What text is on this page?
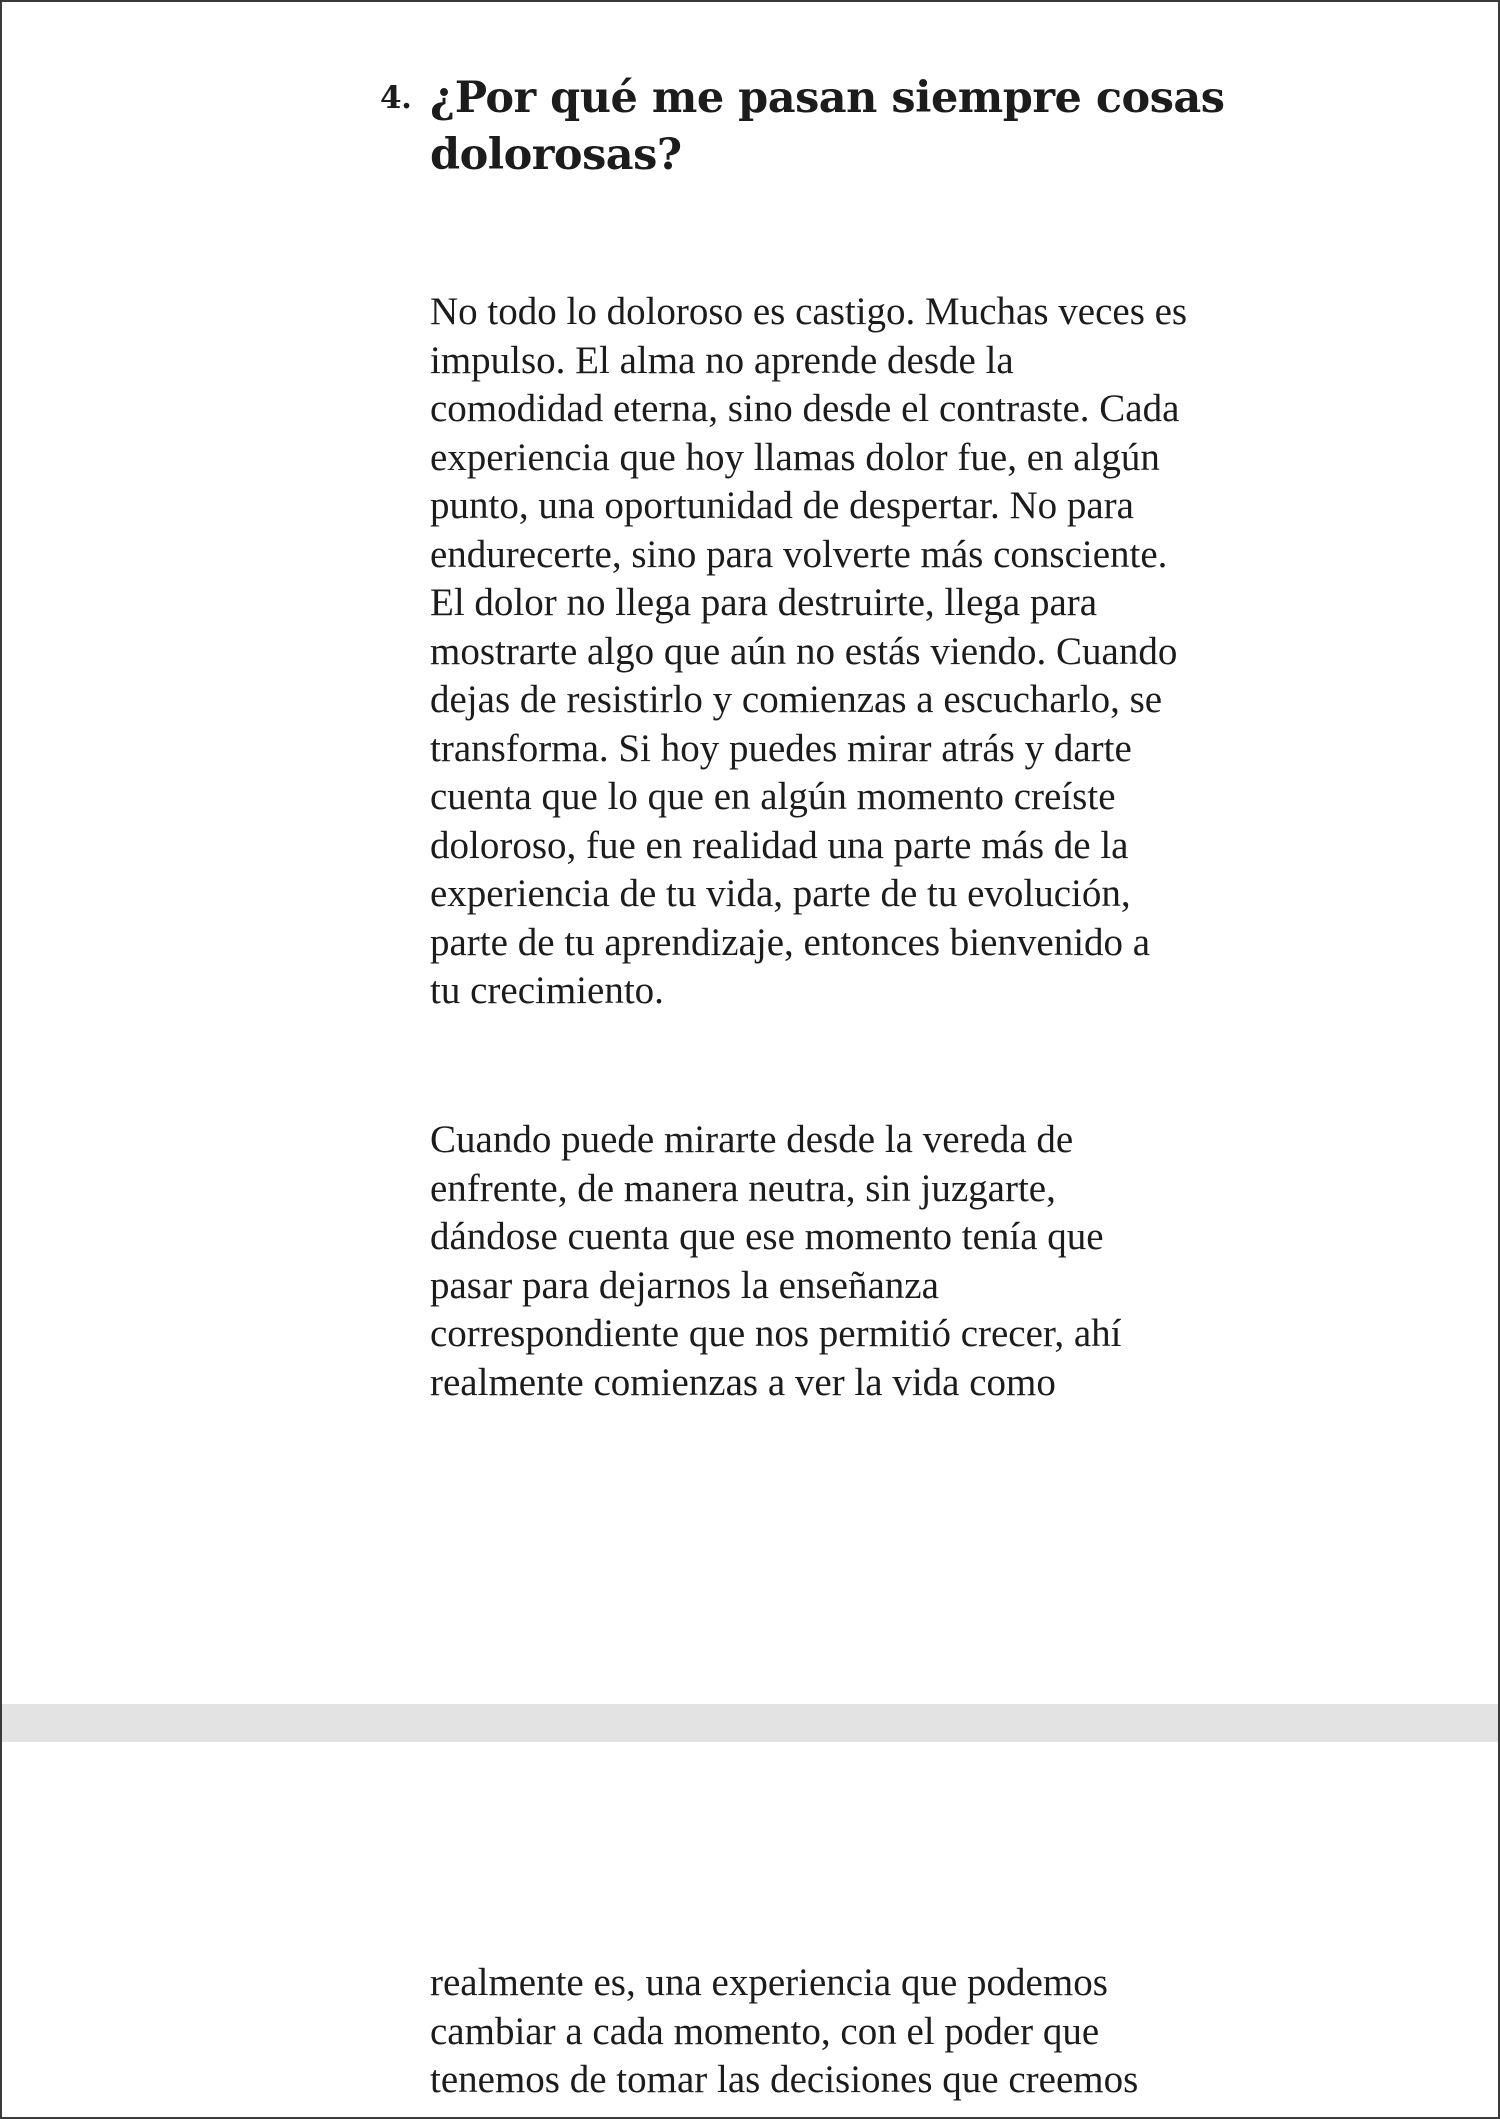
4. ¿Por qué me pasan siempre cosas dolorosas?

No todo lo doloroso es castigo. Muchas veces es impulso. El alma no aprende desde la comodidad eterna, sino desde el contraste. Cada experiencia que hoy llamas dolor fue, en algún punto, una oportunidad de despertar. No para endurecerte, sino para volverte más consciente. El dolor no llega para destruirte, llega para mostrarte algo que aún no estás viendo. Cuando dejas de resistirlo y comienzas a escucharlo, se transforma. Si hoy puedes mirar atrás y darte cuenta que lo que en algún momento creíste doloroso, fue en realidad una parte más de la experiencia de tu vida, parte de tu evolución, parte de tu aprendizaje, entonces bienvenido a tu crecimiento.

Cuando puede mirarte desde la vereda de enfrente, de manera neutra, sin juzgarte, dándose cuenta que ese momento tenía que pasar para dejarnos la enseñanza correspondiente que nos permitió crecer, ahí realmente comienzas a ver la vida como

realmente es, una experiencia que podemos
cambiar a cada momento, con el poder que
tenemos de tomar las decisiones que creemos
